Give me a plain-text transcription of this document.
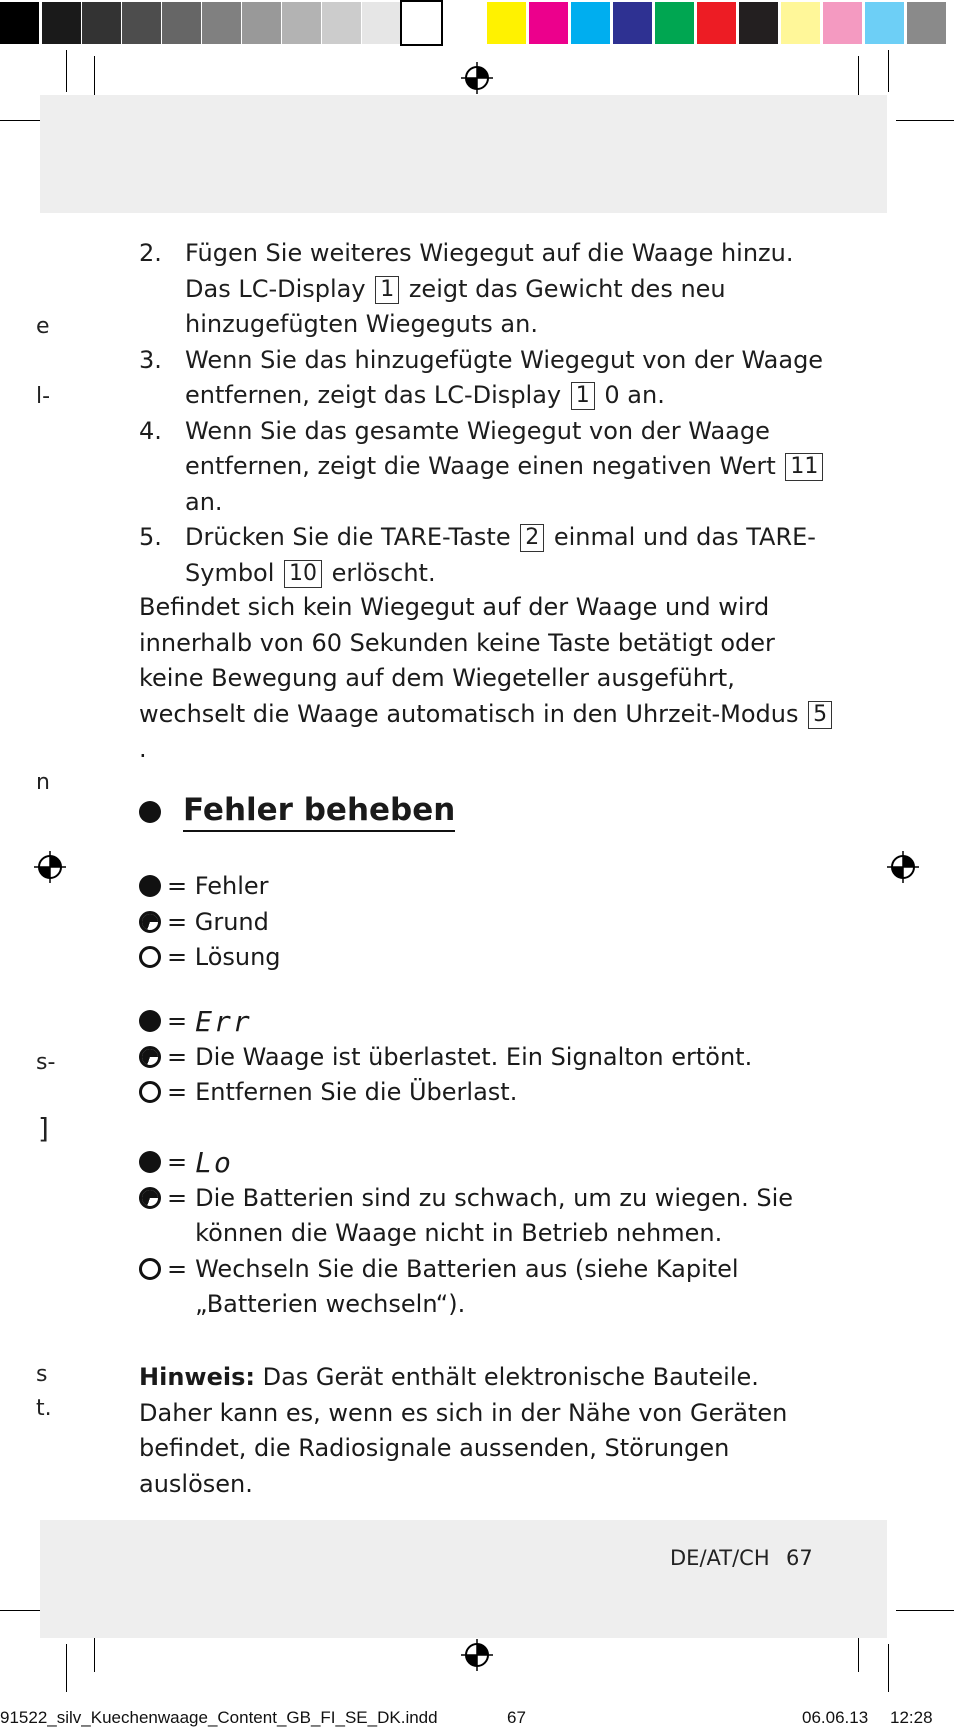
e
l-
n
s-
]
s
t.
2. Fügen Sie weiteres Wiegegut auf die Waage hinzu. Das LC-Display 1 zeigt das Gewicht des neu hinzugefügten Wiegeguts an.
3. Wenn Sie das hinzugefügte Wiegegut von der Waage entfernen, zeigt das LC-Display 1 0 an.
4. Wenn Sie das gesamte Wiegegut von der Waage entfernen, zeigt die Waage einen negativen Wert 11 an.
5. Drücken Sie die TARE-Taste 2 einmal und das TARE-Symbol 10 erlöscht.
Befindet sich kein Wiegegut auf der Waage und wird innerhalb von 60 Sekunden keine Taste betätigt oder keine Bewegung auf dem Wiegeteller ausgeführt, wechselt die Waage automatisch in den Uhrzeit-Modus 5.
Fehler beheben
= Fehler
= Grund
= Lösung
= Err
= Die Waage ist überlastet. Ein Signalton ertönt.
= Entfernen Sie die Überlast.
= Lo
= Die Batterien sind zu schwach, um zu wiegen. Sie können die Waage nicht in Betrieb nehmen.
= Wechseln Sie die Batterien aus (siehe Kapitel „Batterien wechseln“).
Hinweis: Das Gerät enthält elektronische Bauteile. Daher kann es, wenn es sich in der Nähe von Geräten befindet, die Radiosignale aussenden, Störungen auslösen.
DE/AT/CH 67
91522_silv_Kuechenwaage_Content_GB_FI_SE_DK.indd	67	06.06.13 12:28
